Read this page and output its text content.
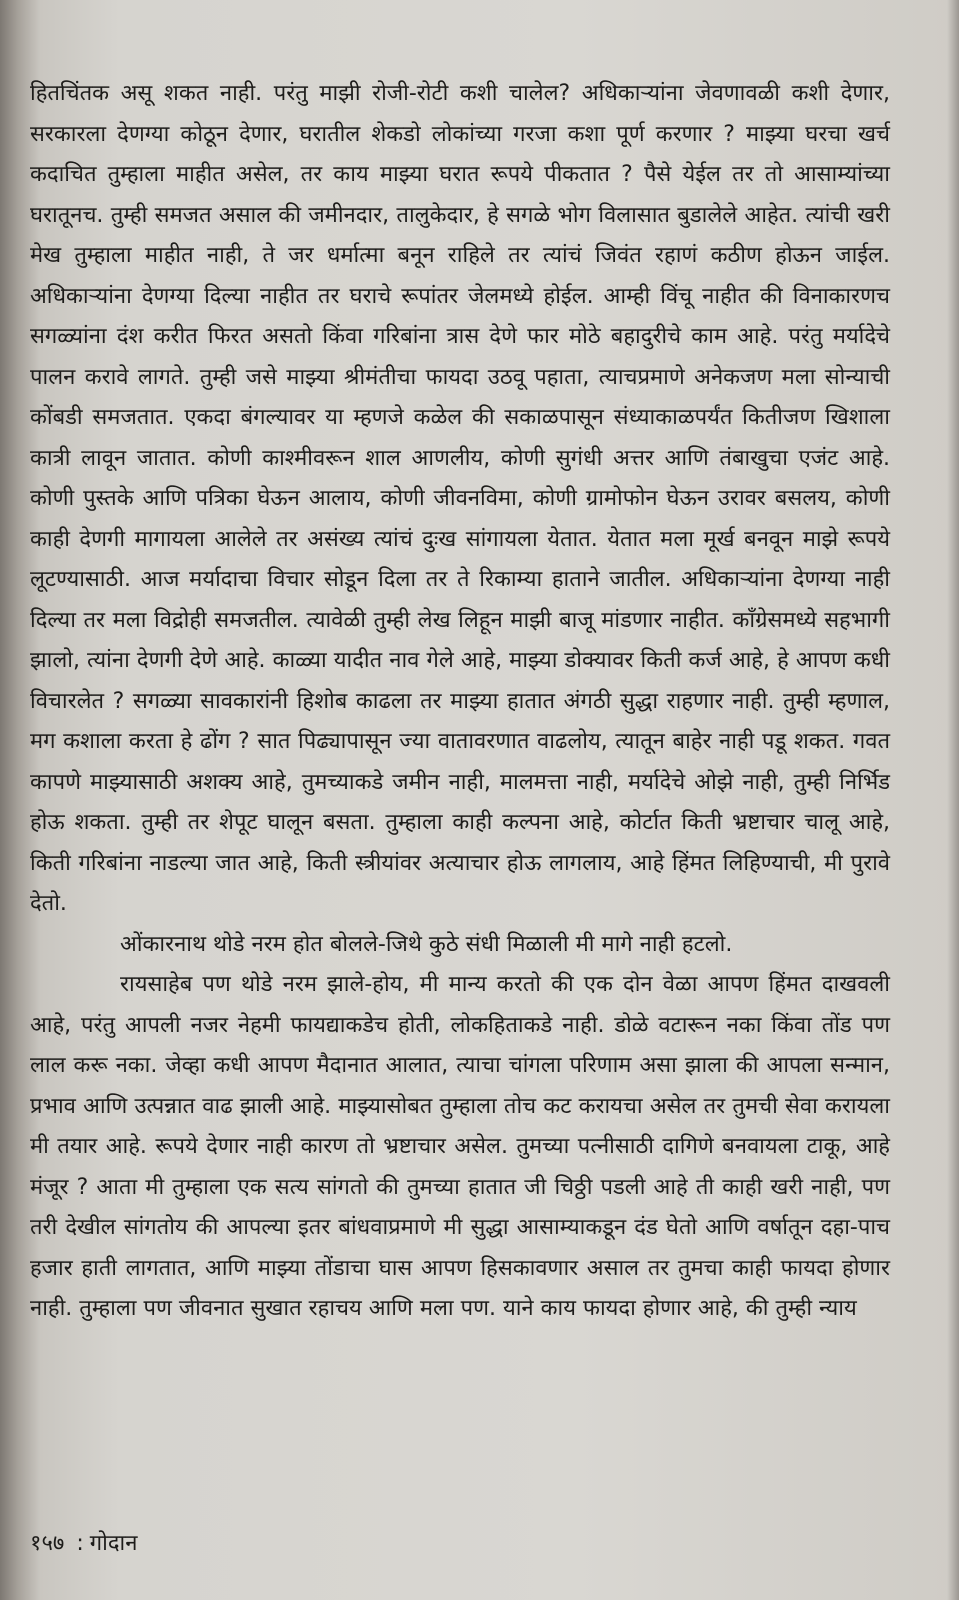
हितचिंतक असू शकत नाही. परंतु माझी रोजी-रोटी कशी चालेल? अधिकाऱ्यांना जेवणावळी कशी देणार, सरकारला देणग्या कोठून देणार, घरातील शेकडो लोकांच्या गरजा कशा पूर्ण करणार ? माझ्या घरचा खर्च कदाचित तुम्हाला माहीत असेल, तर काय माझ्या घरात रूपये पीकतात ? पैसे येईल तर तो आसाम्यांच्या घरातूनच. तुम्ही समजत असाल की जमीनदार, तालुकेदार, हे सगळे भोग विलासात बुडालेले आहेत. त्यांची खरी मेख तुम्हाला माहीत नाही, ते जर धर्मात्मा बनून राहिले तर त्यांचं जिवंत रहाणं कठीण होऊन जाईल. अधिकाऱ्यांना देणग्या दिल्या नाहीत तर घराचे रूपांतर जेलमध्ये होईल. आम्ही विंचू नाहीत की विनाकारणच सगळ्यांना दंश करीत फिरत असतो किंवा गरिबांना त्रास देणे फार मोठे बहादुरीचे काम आहे. परंतु मर्यादेचे पालन करावे लागते. तुम्ही जसे माझ्या श्रीमंतीचा फायदा उठवू पहाता, त्याचप्रमाणे अनेकजण मला सोन्याची कोंबडी समजतात. एकदा बंगल्यावर या म्हणजे कळेल की सकाळपासून संध्याकाळपर्यंत कितीजण खिशाला कात्री लावून जातात. कोणी काश्मीवरून शाल आणलीय, कोणी सुगंधी अत्तर आणि तंबाखुचा एजंट आहे. कोणी पुस्तके आणि पत्रिका घेऊन आलाय, कोणी जीवनविमा, कोणी ग्रामोफोन घेऊन उरावर बसलय, कोणी काही देणगी मागायला आलेले तर असंख्य त्यांचं दुःख सांगायला येतात. येतात मला मूर्ख बनवून माझे रूपये लूटण्यासाठी. आज मर्यादाचा विचार सोडून दिला तर ते रिकाम्या हाताने जातील. अधिकाऱ्यांना देणग्या नाही दिल्या तर मला विद्रोही समजतील. त्यावेळी तुम्ही लेख लिहून माझी बाजू मांडणार नाहीत. कॉंग्रेसमध्ये सहभागी झालो, त्यांना देणगी देणे आहे. काळ्या यादीत नाव गेले आहे, माझ्या डोक्यावर किती कर्ज आहे, हे आपण कधी विचारलेत ? सगळ्या सावकारांनी हिशोब काढला तर माझ्या हातात अंगठी सुद्धा राहणार नाही. तुम्ही म्हणाल, मग कशाला करता हे ढोंग ? सात पिढ्यापासून ज्या वातावरणात वाढलोय, त्यातून बाहेर नाही पडू शकत. गवत कापणे माझ्यासाठी अशक्य आहे, तुमच्याकडे जमीन नाही, मालमत्ता नाही, मर्यादेचे ओझे नाही, तुम्ही निर्भिड होऊ शकता. तुम्ही तर शेपूट घालून बसता. तुम्हाला काही कल्पना आहे, कोर्टात किती भ्रष्टाचार चालू आहे, किती गरिबांना नाडल्या जात आहे, किती स्त्रीयांवर अत्याचार होऊ लागलाय, आहे हिंमत लिहिण्याची, मी पुरावे देतो.

ओंकारनाथ थोडे नरम होत बोलले-जिथे कुठे संधी मिळाली मी मागे नाही हटलो.

रायसाहेब पण थोडे नरम झाले-होय, मी मान्य करतो की एक दोन वेळा आपण हिंमत दाखवली आहे, परंतु आपली नजर नेहमी फायद्याकडेच होती, लोकहिताकडे नाही. डोळे वटारून नका किंवा तोंड पण लाल करू नका. जेव्हा कधी आपण मैदानात आलात, त्याचा चांगला परिणाम असा झाला की आपला सन्मान, प्रभाव आणि उत्पन्नात वाढ झाली आहे. माझ्यासोबत तुम्हाला तोच कट करायचा असेल तर तुमची सेवा करायला मी तयार आहे. रूपये देणार नाही कारण तो भ्रष्टाचार असेल. तुमच्या पत्नीसाठी दागिणे बनवायला टाकू, आहे मंजूर ? आता मी तुम्हाला एक सत्य सांगतो की तुमच्या हातात जी चिठ्ठी पडली आहे ती काही खरी नाही, पण तरी देखील सांगतोय की आपल्या इतर बांधवाप्रमाणे मी सुद्धा आसाम्याकडून दंड घेतो आणि वर्षातून दहा-पाच हजार हाती लागतात, आणि माझ्या तोंडाचा घास आपण हिसकावणार असाल तर तुमचा काही फायदा होणार नाही. तुम्हाला पण जीवनात सुखात रहाचय आणि मला पण. याने काय फायदा होणार आहे, की तुम्ही न्याय

१५७ : गोदान
